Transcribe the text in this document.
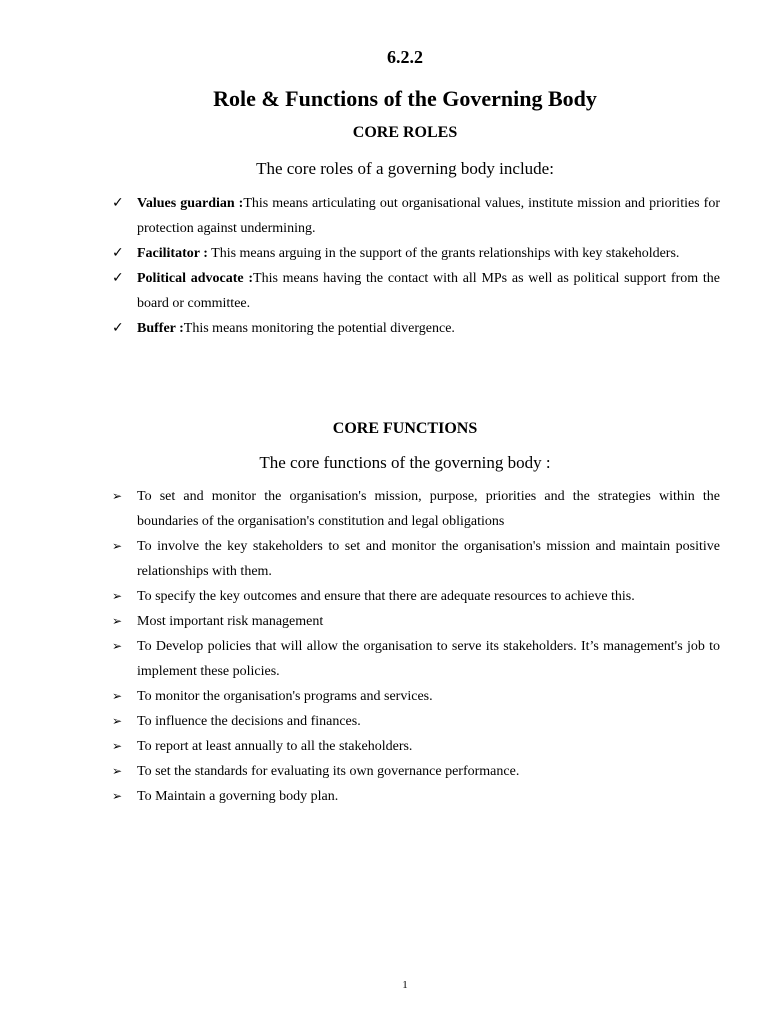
6.2.2
Role & Functions of the Governing Body
CORE ROLES
The core roles of a governing body include:
✓ Values guardian :This means articulating out organisational values, institute mission and priorities for protection against undermining.
✓ Facilitator : This means arguing in the support of the grants relationships with key stakeholders.
✓ Political advocate :This means having the contact with all MPs as well as political support from the board or committee.
✓ Buffer :This means monitoring the potential divergence.
CORE FUNCTIONS
The core functions of the governing body :
➢	To set and monitor the organisation's mission, purpose, priorities and the strategies within the boundaries of the organisation's constitution and legal obligations
➢	To involve the key stakeholders to set and monitor the organisation's mission and maintain positive relationships with them.
➢	To specify the key outcomes and ensure that there are adequate resources to achieve this.
➢	Most important risk management
➢	To Develop policies that will allow the organisation to serve its stakeholders. It’s management's job to implement these policies.
➢	To monitor the organisation's programs and services.
➢	To influence the decisions and finances.
➢	To report at least annually to all the stakeholders.
➢	To set the standards for evaluating its own governance performance.
➢	To Maintain a governing body plan.
1
